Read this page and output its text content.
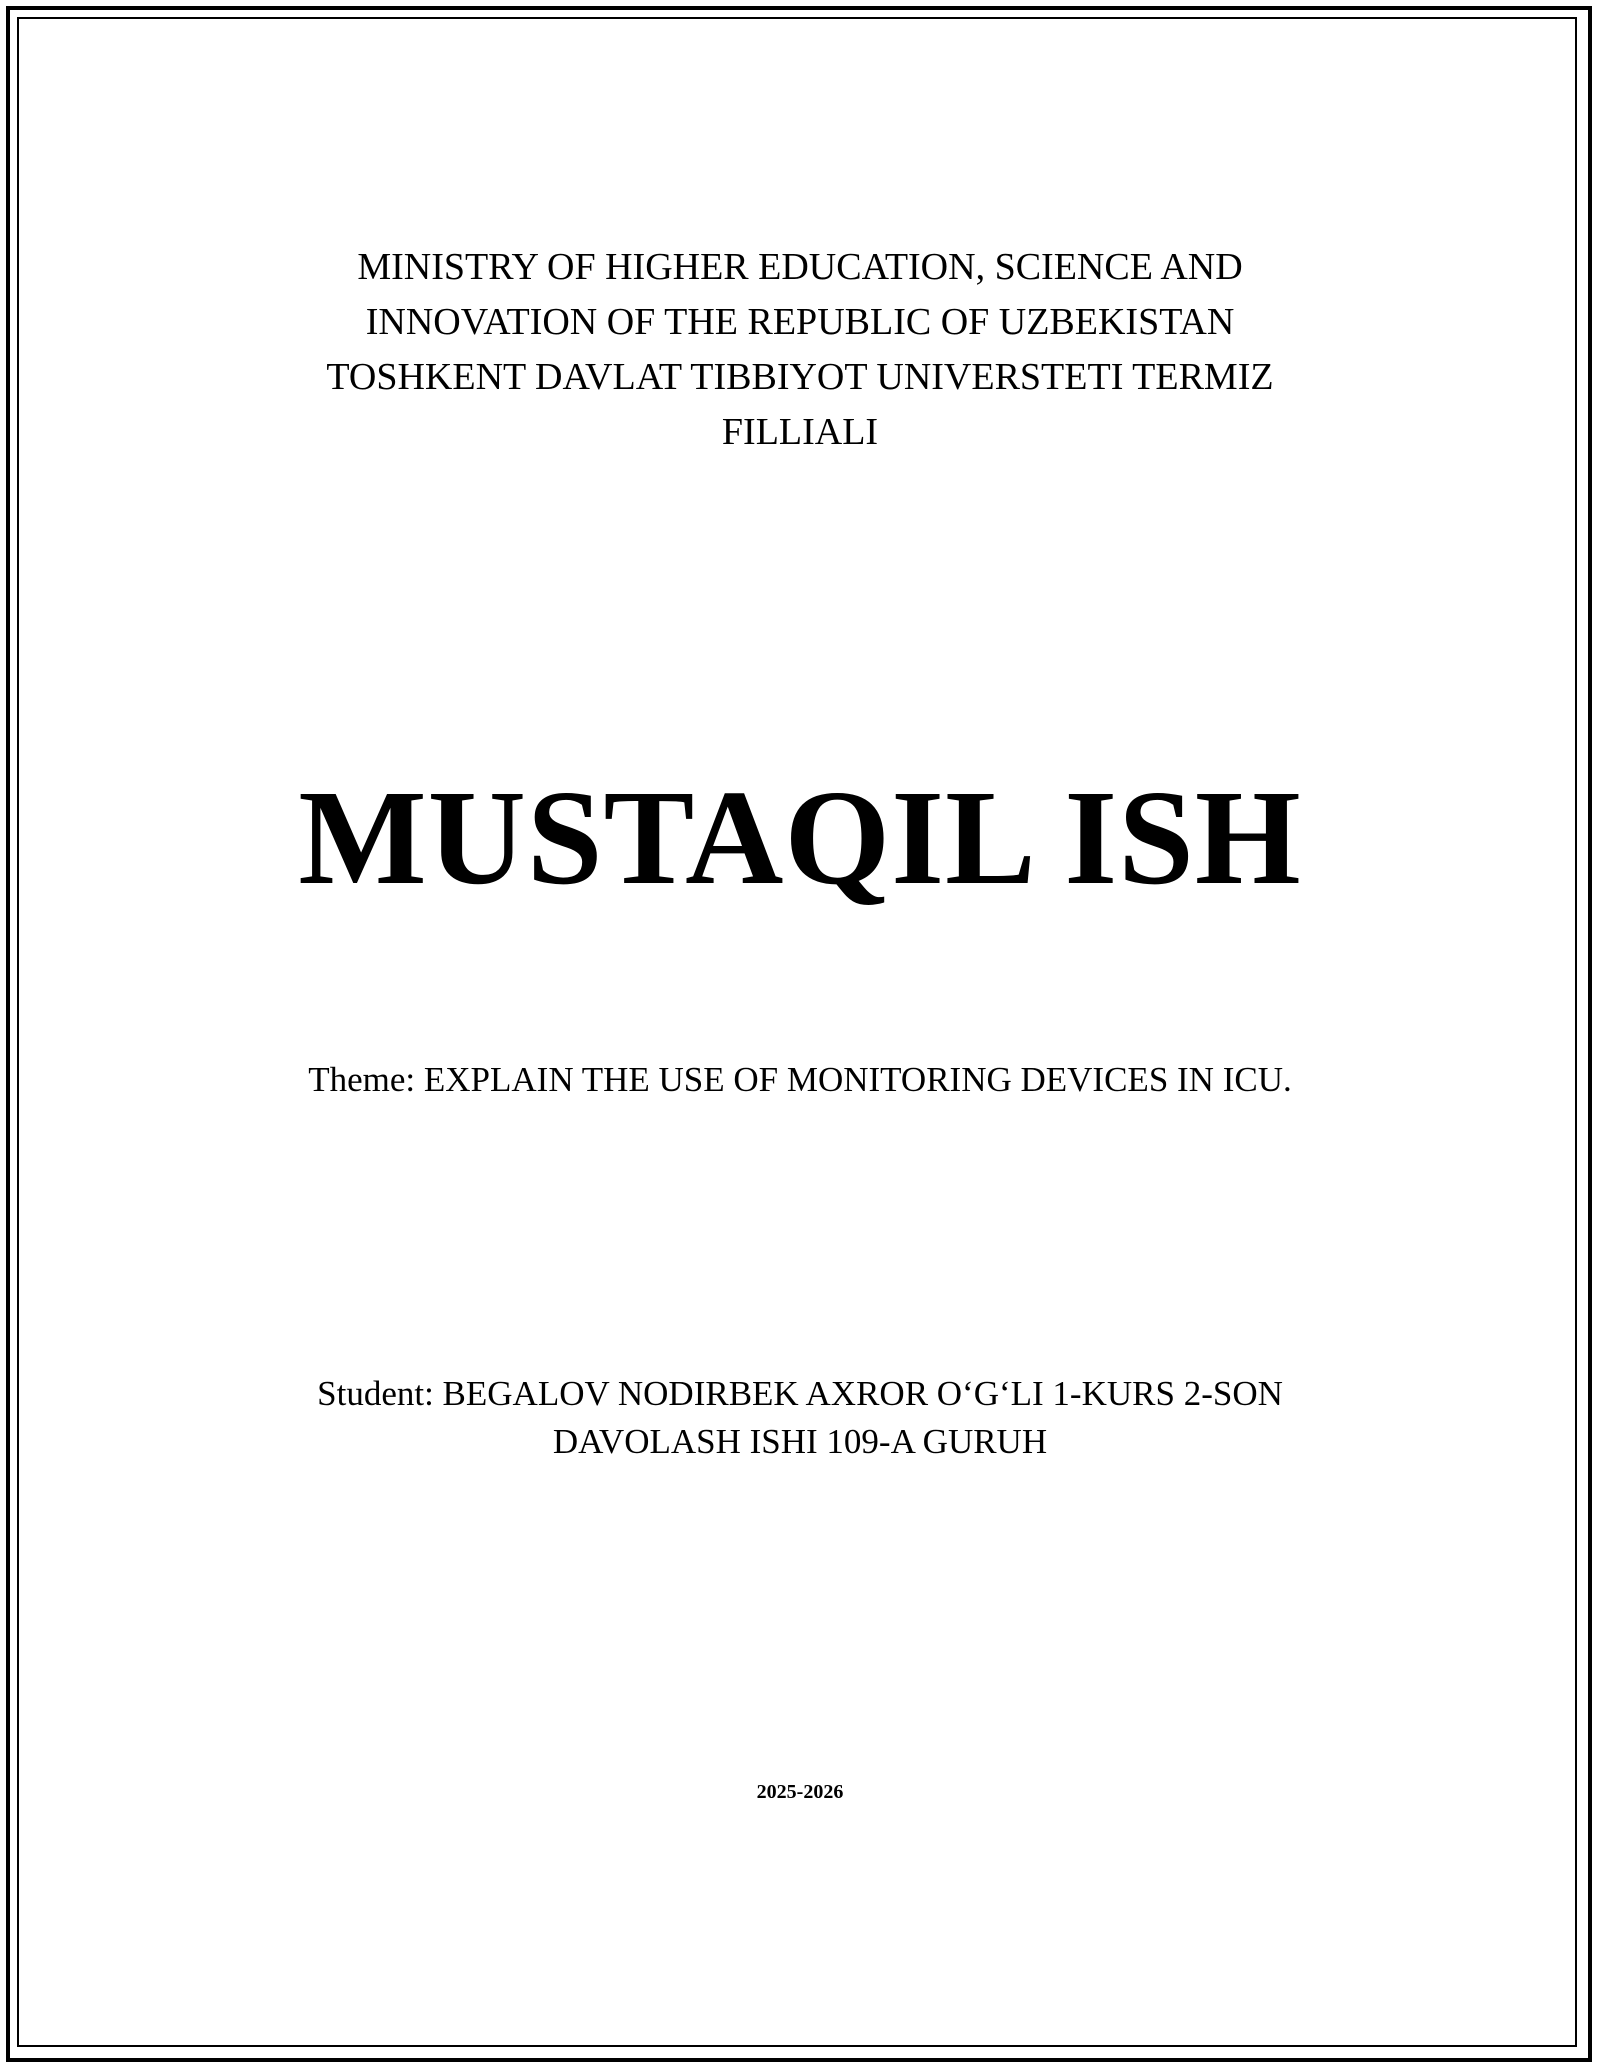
MINISTRY OF HIGHER EDUCATION, SCIENCE AND
INNOVATION OF THE REPUBLIC OF UZBEKISTAN
TOSHKENT DAVLAT TIBBIYOT UNIVERSTETI TERMIZ
FILLIALI
MUSTAQIL ISH
Theme: EXPLAIN THE USE OF MONITORING DEVICES IN ICU.
Student: BEGALOV NODIRBEK AXROR O‘G‘LI 1-KURS 2-SON
DAVOLASH ISHI 109-A GURUH
2025-2026
